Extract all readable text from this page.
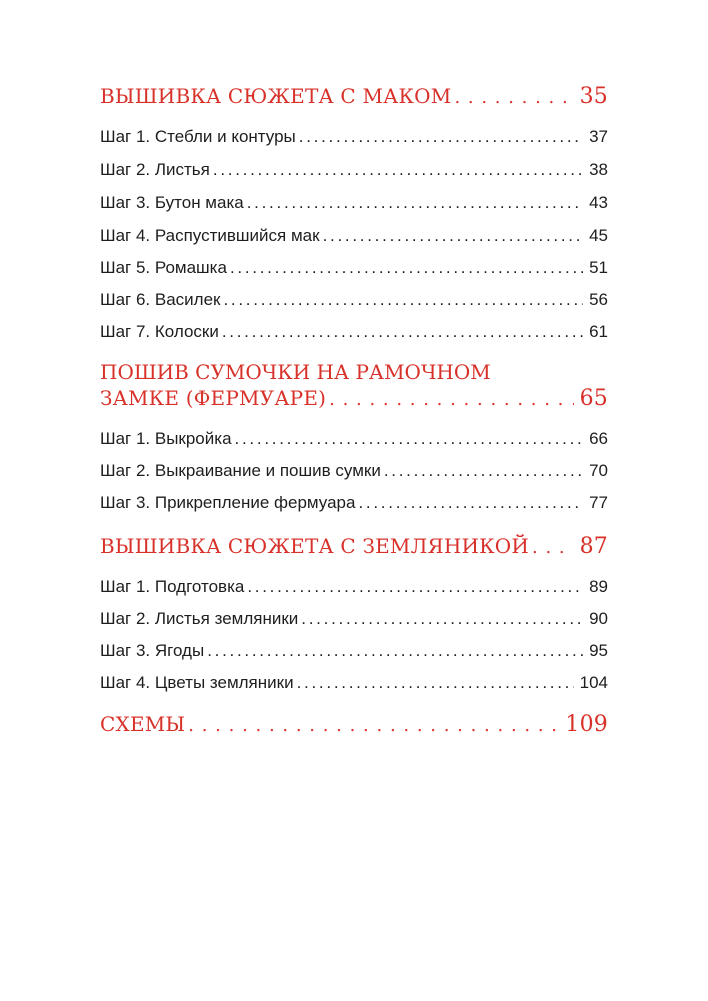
ВЫШИВКА СЮЖЕТА С МАКОМ . . .	35
Шаг 1. Стебли и контуры . . .	37
Шаг 2. Листья . . .	38
Шаг 3. Бутон мака . . .	43
Шаг 4. Распустившийся мак . . .	45
Шаг 5. Ромашка . . .	51
Шаг 6. Василек . . .	56
Шаг 7. Колоски . . .	61
ПОШИВ СУМОЧКИ НА РАМОЧНОМ
ЗАМКЕ (ФЕРМУАРЕ) . . .	65
Шаг 1. Выкройка . . .	66
Шаг 2. Выкраивание и пошив сумки . . .	70
Шаг 3. Прикрепление фермуара . . .	77
ВЫШИВКА СЮЖЕТА С ЗЕМЛЯНИКОЙ . . . 87
Шаг 1. Подготовка . . .	89
Шаг 2. Листья земляники . . .	90
Шаг 3. Ягоды . . .	95
Шаг 4. Цветы земляники . . .	104
СХЕМЫ . . .	109
